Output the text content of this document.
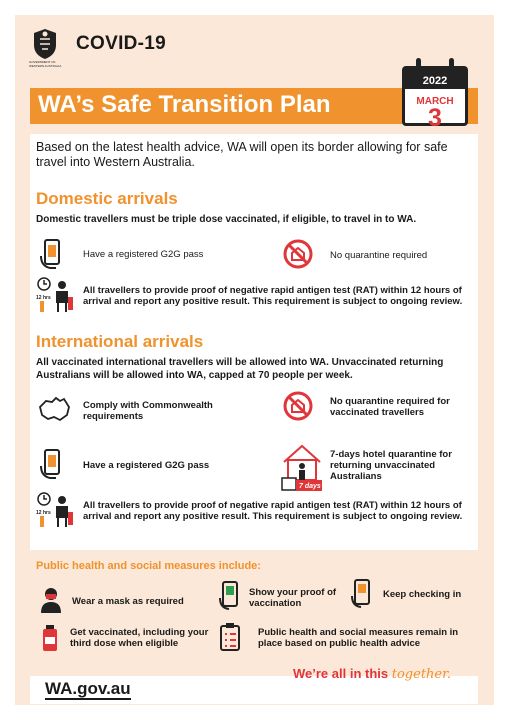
GOVERNMENT OF WESTERN AUSTRALIA
COVID-19
WA’s Safe Transition Plan
2022
MARCH
3
Based on the latest health advice, WA will open its border allowing for safe travel into Western Australia.
Domestic arrivals
Domestic travellers must be triple dose vaccinated, if eligible, to travel in to WA.
Have a registered G2G pass	No quarantine required
12 hrs
All travellers to provide proof of negative rapid antigen test (RAT) within 12 hours of arrival and report any positive result. This requirement is subject to ongoing review.
International arrivals
All vaccinated international travellers will be allowed into WA. Unvaccinated returning Australians will be allowed into WA, capped at 70 people per week.
Comply with Commonwealth requirements
No quarantine required for vaccinated travellers
Have a registered G2G pass
7 days
7-days hotel quarantine for returning unvaccinated Australians
12 hrs
All travellers to provide proof of negative rapid antigen test (RAT) within 12 hours of arrival and report any positive result. This requirement is subject to ongoing review.
Public health and social measures include:
Wear a mask as required
Show your proof of vaccination
Keep checking in
Get vaccinated, including your third dose when eligible
Public health and social measures remain in place based on public health advice
WA.gov.au
We’re all in this together.
